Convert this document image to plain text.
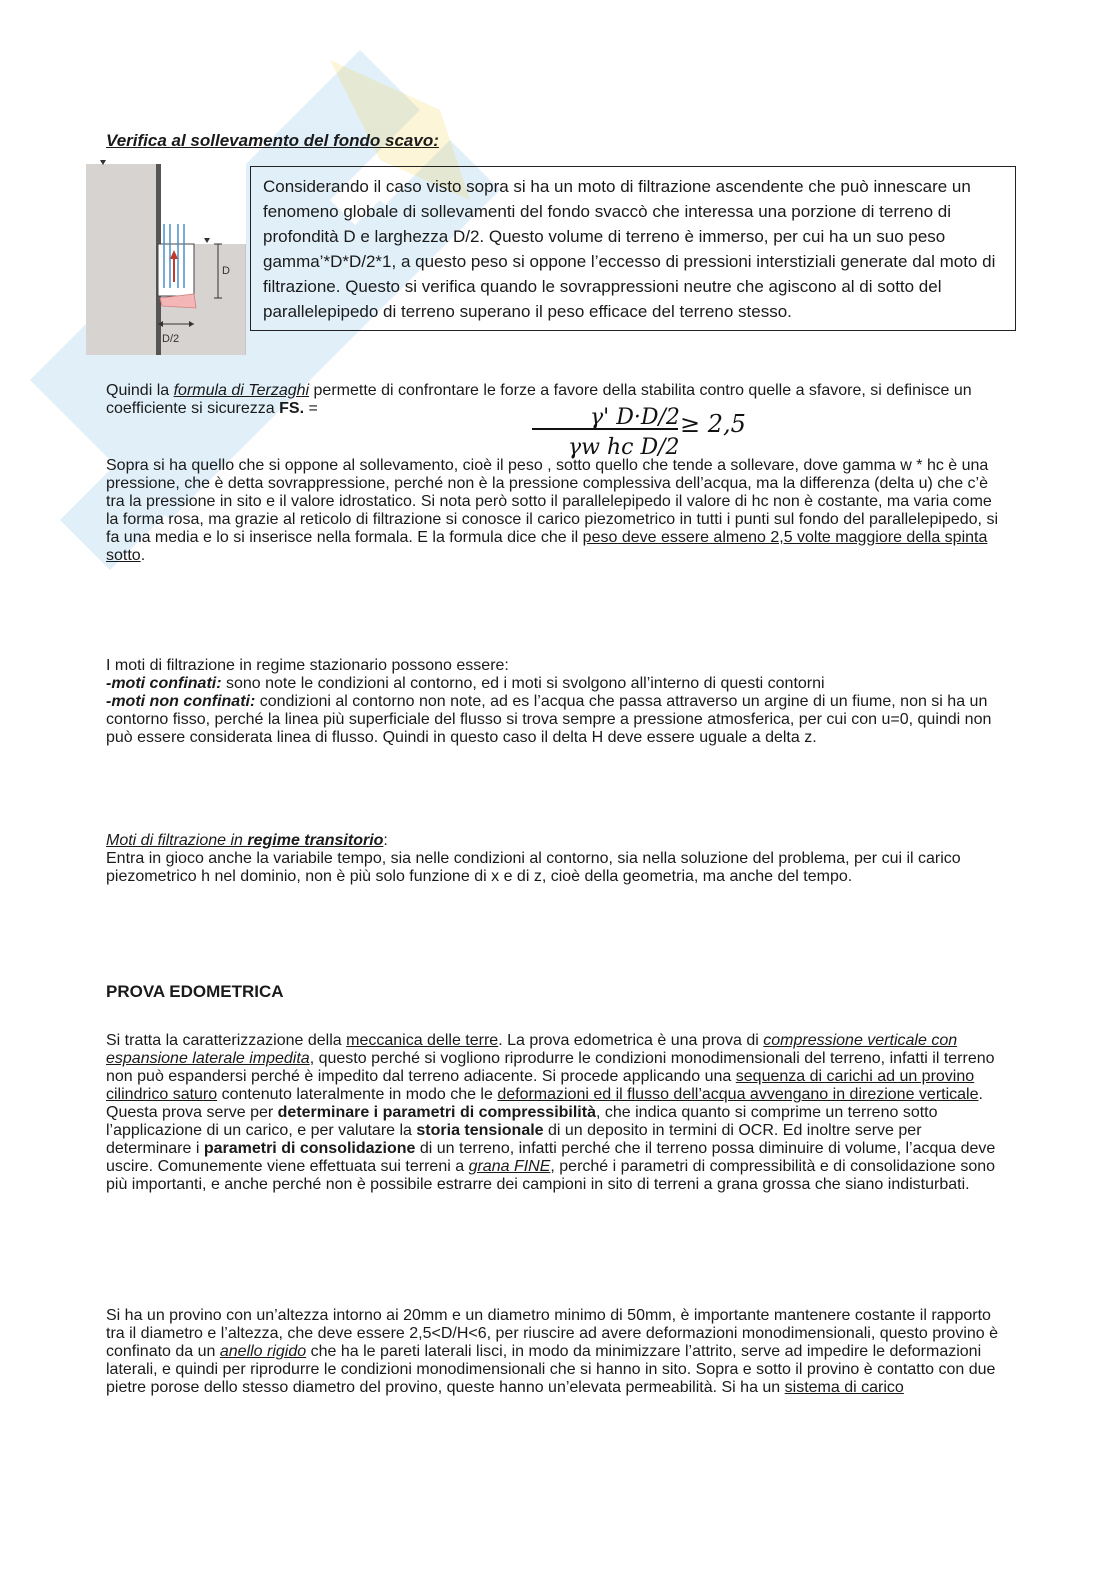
Verifica al sollevamento del fondo scavo:
D
D/2
Considerando il caso visto sopra si ha un moto di filtrazione ascendente che può innescare un fenomeno globale di sollevamenti del fondo svaccò che interessa una porzione di terreno di profondità D e larghezza D/2. Questo volume di terreno è immerso, per cui ha un suo peso gamma’*D*D/2*1, a questo peso si oppone l’eccesso di pressioni interstiziali generate dal moto di filtrazione. Questo si verifica quando le sovrappressioni neutre che agiscono al di sotto del parallelepipedo di terreno superano il peso efficace del terreno stesso.

Quindi la formula di Terzaghi permette di confrontare le forze a favore della stabilita contro quelle a sfavore, si definisce un coefficiente si sicurezza FS. =	γ' D·D/2
γw hc D/2
≥ 2,5

Sopra si ha quello che si oppone al sollevamento, cioè il peso , sotto quello che tende a sollevare, dove gamma w * hc è una pressione, che è detta sovrappressione, perché non è la pressione complessiva dell’acqua, ma la differenza (delta u) che c’è tra la pressione in sito e il valore idrostatico. Si nota però sotto il parallelepipedo il valore di hc non è costante, ma varia come la forma rosa, ma grazie al reticolo di filtrazione si conosce il carico piezometrico in tutti i punti sul fondo del parallelepipedo, si fa una media e lo si inserisce nella formala. E la formula dice che il peso deve essere almeno 2,5 volte maggiore della spinta sotto.

I moti di filtrazione in regime stazionario possono essere:
-moti confinati: sono note le condizioni al contorno, ed i moti si svolgono all’interno di questi contorni
-moti non confinati: condizioni al contorno non note, ad es l’acqua che passa attraverso un argine di un fiume, non si ha un contorno fisso, perché la linea più superficiale del flusso si trova sempre a pressione atmosferica, per cui con u=0, quindi non può essere considerata linea di flusso. Quindi in questo caso il delta H deve essere uguale a delta z.
Moti di filtrazione in regime transitorio:
Entra in gioco anche la variabile tempo, sia nelle condizioni al contorno, sia nella soluzione del problema, per cui il carico piezometrico h nel dominio, non è più solo funzione di x e di z, cioè della geometria, ma anche del tempo.
PROVA EDOMETRICA

Si tratta la caratterizzazione della meccanica delle terre. La prova edometrica è una prova di compressione verticale con espansione laterale impedita, questo perché si vogliono riprodurre le condizioni monodimensionali del terreno, infatti il terreno non può espandersi perché è impedito dal terreno adiacente. Si procede applicando una sequenza di carichi ad un provino cilindrico saturo contenuto lateralmente in modo che le deformazioni ed il flusso dell’acqua avvengano in direzione verticale. Questa prova serve per determinare i parametri di compressibilità, che indica quanto si comprime un terreno sotto l’applicazione di un carico, e per valutare la storia tensionale di un deposito in termini di OCR. Ed inoltre serve per determinare i parametri di consolidazione di un terreno, infatti perché che il terreno possa diminuire di volume, l’acqua deve uscire. Comunemente viene effettuata sui terreni a grana FINE, perché i parametri di compressibilità e di consolidazione sono più importanti, e anche perché non è possibile estrarre dei campioni in sito di terreni a grana grossa che siano indisturbati.

Si ha un provino con un’altezza intorno ai 20mm e un diametro minimo di 50mm, è importante mantenere costante il rapporto tra il diametro e l’altezza, che deve essere 2,5<D/H<6, per riuscire ad avere deformazioni monodimensionali, questo provino è confinato da un anello rigido che ha le pareti laterali lisci, in modo da minimizzare l’attrito, serve ad impedire le deformazioni laterali, e quindi per riprodurre le condizioni monodimensionali che si hanno in sito. Sopra e sotto il provino è contatto con due pietre porose dello stesso diametro del provino, queste hanno un’elevata permeabilità. Si ha un sistema di carico
